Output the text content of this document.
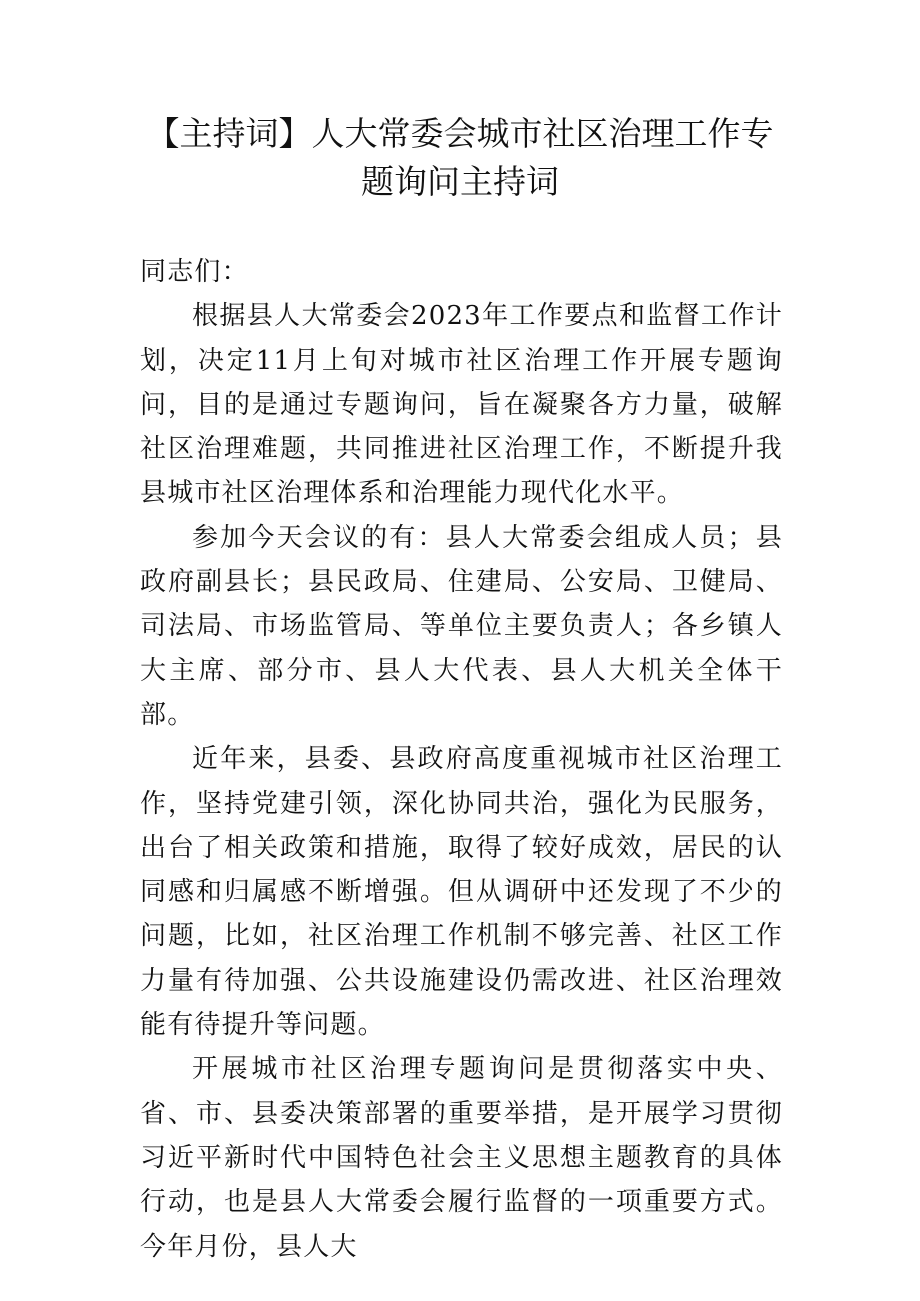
【主持词】人大常委会城市社区治理工作专
题询问主持词

同志们：

根据县人大常委会2023年工作要点和监督工作计划，决定11月上旬对城市社区治理工作开展专题询问，目的是通过专题询问，旨在凝聚各方力量，破解社区治理难题，共同推进社区治理工作，不断提升我县城市社区治理体系和治理能力现代化水平。

参加今天会议的有：县人大常委会组成人员；县政府副县长；县民政局、住建局、公安局、卫健局、司法局、市场监管局、等单位主要负责人；各乡镇人大主席、部分市、县人大代表、县人大机关全体干部。

近年来，县委、县政府高度重视城市社区治理工作，坚持党建引领，深化协同共治，强化为民服务，出台了相关政策和措施，取得了较好成效，居民的认同感和归属感不断增强。但从调研中还发现了不少的问题，比如，社区治理工作机制不够完善、社区工作力量有待加强、公共设施建设仍需改进、社区治理效能有待提升等问题。

开展城市社区治理专题询问是贯彻落实中央、省、市、县委决策部署的重要举措，是开展学习贯彻习近平新时代中国特色社会主义思想主题教育的具体行动，也是县人大常委会履行监督的一项重要方式。今年月份，县人大
